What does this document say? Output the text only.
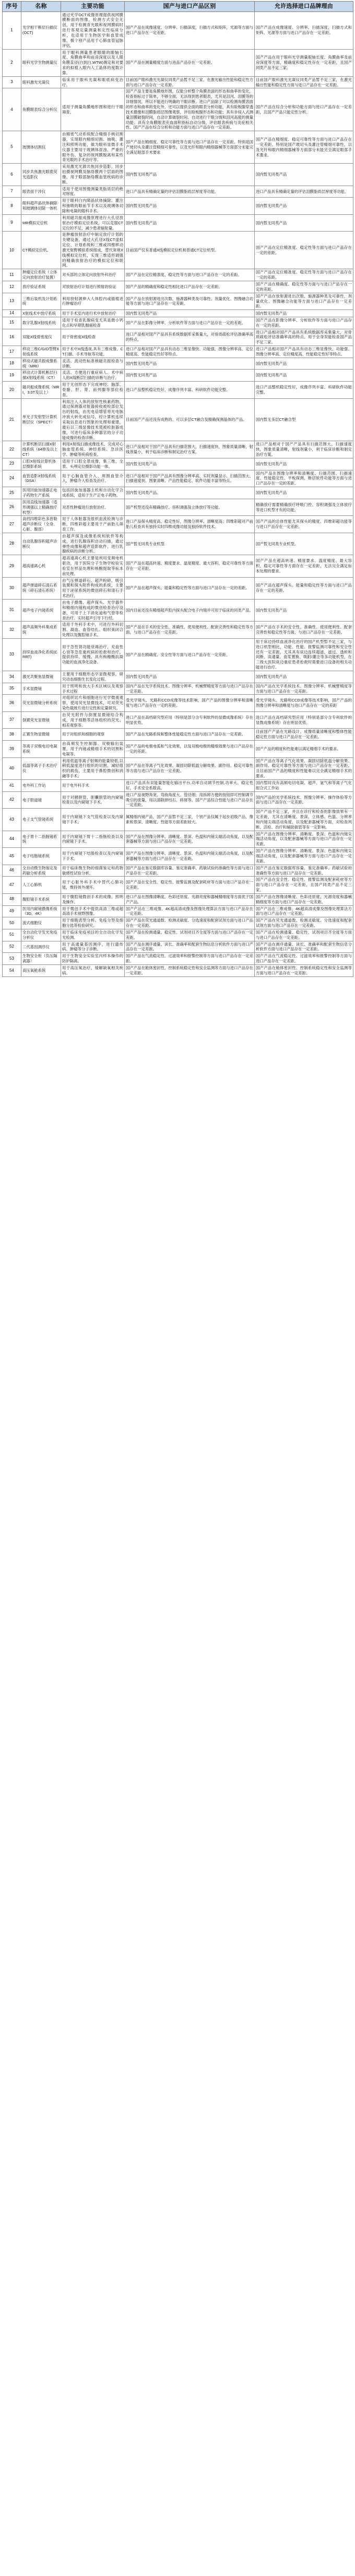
序号	名称	主要功能	国产与进口产品区别	允许选择进口品牌理由
1	光学相干断层扫描仪(OCT)	通过光学OCT成像原理提供视网膜横断面的图像，检测方式安全无创，用于检测青光眼和视网膜病时进行客观定量测量和定性临床分析，也适用于生物医学和血管成像。极个别产品用于心肺血管冠脉评估。	国产产品在成像速度、分辨率、扫描深度，扫描方式和矩阵，光源等方面与进口产品存在一定差距。	国产产品在成像速度、分辨率、扫描深度，扫描方式和矩阵，光源等方面与进口产品存在一定差距。
2	眼科光学生物测量仪	用于眼科测量患者眼睛的眼轴长度、角膜曲率和前房深度以及人眼角膜直径(白到白,WTW)测定和对要求的拟植入眼内人工晶体的度数计算。	国产产品在测量精度方面与进品产品存在一定差距。	国产产品在用于眼科光学测量眼轴长度、角膜曲率及前房深度等方面，精确度和稳定性存在一定差距，且国产同类产品不足三家。
3	眼科激光光凝仪	临床用于眼科光凝和眼底病变治疗。	目前国产眼科激光光凝仪同类产品暂不足三家，在激光输出性能和稳定性方面与进口产品存在一定差距。	目前国产眼科激光光凝仪同类产品暂不足三家，在激光输出性能和稳定性方面与进口产品存在一定差距。
4	角膜眼表综合分析仪	适用于测量角膜地形图和进行干眼筛查。	国产产品主要是角膜地形图，仅能分析整个角膜表面的形态和曲率的变化，检查指标过于简单，不够全面，无法得到患者眼表，尤其是泪河、泪膜等的详细情况，所以不能进行明确的干眼诊断。进口产品除了可以检测角膜表面的形态和曲率的变化外，还可以提供全面的眼表分析功能，具有睑板腺穿透技术摄像和泪膜脂质层图像观察，评估睑板腺形态和功能；具有非侵入式测量泪膜破裂时间，自动计算破裂时间、自动进行干眼分级和泪河高度的测量功能；具有全角膜眼表充血面积指标自动分级，评估眼表疾病与炎症相关性。国产产品在综合分析和功能方面与进口产品存在一定差距。	国产产品在综合分析和功能方面与进口产品存在一定差距，且国产产品只能定性分析。
5	玻璃体切割仪	由精密气动系统配合精细手柄切割器，实现眼内精细切割、抽吸、灌注和照明功能，做为眼科显微手术仪器主要用于玻璃体混浊、严重的眼外伤、复杂的视网膜脱离和某些青光眼的手术治疗等。	国产产品在精细度、稳定可靠性等方面与进口产品存在一定差距。特别是国产玻切头及灌注管精细可靠性，以及光纤和眼内精细器械等方面部分未能完全满足眼部手术要求	国产产品在精细度、稳定可靠性等方面与进口产品存在一定差距。特别是国产玻切头及灌注管精细可靠性，以及光纤和眼内精细器械等方面部分未能完全满足眼部手术要求。
6	同步共焦激光眼底荧光造影仪	采用激光光源共焦同步造影，同步拍摄视网膜及脉络膜两个层面的图像，用于眼部脉络膜血管疾病的诊断。	国内暂无同类产品	国内暂无同类产品
7	眼表面干涉仪	适用于使用图像测量类脂质层的绝对厚度。	进口产品具有精确定量的评估泪膜脂质层厚度等功能。	进口产品具有精确定量的评估泪膜脂质层厚度等功能。
8	眼科超声晶状体摘除和玻璃体切除一体机	用于眼科白内障晶状体摘除、灌注和抽吸的眼前节手术以及玻璃体切除和电凝的眼科手术。	国内暂无同类产品	国内暂无同类产品
9	MR模拟定位机	利用磁共振成像原理进行大孔径放射治疗模拟定位系统，可以克服CT定位的不足，减少患者辐射量。	国内暂无同类产品	国内暂无同类产品
10	CT模拟定位机。	是肿瘤放射治疗中制定放疗计划的关键设备，通过大孔径X线CT虚拟定位、计划系统和三维或四维移动激光射野模拟系统组成，替代常规X线模拟定位机，实现三维适形调强的精确放射治疗的模拟定位和联网。	目前国产仅有普通X线模拟定位机和普通CT定位机型。	国产产品在定位精准度、稳定性等方面与进口产品存在一定的差距。
11	肿瘤定位系统（立体定向放射治疗装置）	对头部的立体定向放射外科治疗	国产产品在定位精准度、稳定性等方面与进口产品存在一定的差距。	国产产品在定位精准度、稳定性等方面与进口产品存在一定的差距。
12	放疗验证系统	对放射治疗计划进行照射的验证	国产产品的精确度和稳定性相比进口产品存在一定差距。	国产产品在精确度、稳定性等方面与与进口产品存在一定的差距。
13	三维后装机及计划系统	利用放射源伸入人体腔内或插植进行肿瘤治疗	国产产品在放射源进出次数、施源器种类及可靠性、剂量优化、图像融合功能等方面与进口产品存在一定差距。	国产产品在放射源进出次数、施源器种类及可靠性、剂量优化、图像融合功能等方面与进口产品存在一定差距。
14	X射线术中放疗系统	用于手术室内进行术中放射治疗	国内暂无同类产品	国内暂无同类产品
15	数字乳腺X射线系统	适用于检查乳腺病变尤其是微小钙化点和早期乳腺癌检查	国产产品在影像分辨率、分析软件等方面与进口产品存在一定的差距。	国产产品在影像分辨率、分析软件等方面与进口产品存在一定的差距。
16	双能X线骨密度仪	用于骨密度X线检查	进口产品相对国产产品具有系统数据库采集量大，对骨质疏松评估准确率高的特点。	进口产品相对国产产品具有系统数据库采集量大，对骨质疏松评估准确率高的特点。用于全身双能检查国产品不足三家。
17	移动三维C/G/O型臂X射线系统	用于术中X线透视,具有三维成像、CT扫描、手术导航等功能。	进口产品相对国产产品具有动态三维显像快、功能强、图像分辨率高、定位精度高、性能稳定性好等特点。	进口产品相对国产产品具有动态三维显像快、功能强、图像分辨率高、定位精度高、性能稳定性好等特点。
18	移动式磁共振成像系统（MRI）	灵活、流动性标准核磁共振检查与诊断。	国内暂无同类产品	国内暂无同类产品
19	移动式计算机断层扫描X射线系统（CT）	灵活、方便进行重症病人、术中病人的X线断层扫描的诊断与治疗。	国内暂无同类产品	国内暂无同类产品
20	磁共振成像系统（MRI，3.0T及以上）	用于无创形态下完成神经、脑部、骨骼、肝、肾、前列腺等部位检查。	进口产品整机稳定性好，成像序列丰富、科研软件功能完整。	进口产品整机稳定性好，成像序列丰富、科研软件功能完整。
21	单光子发射型计算机断层仪（SPECT）	利用注入人体的放射性核素药物，通过探测器对脏器接收被检部位发出的射线，由光电倍增管将光电脉冲放大转化成信号，经计算机连续采取信息进行图象的处理和重建，最后以三级显像技术使被检脏器成像，可进行临床多种器官的分子功能成像的检查诊断。	目前国产产品还没有成熟的、可以多层CT融合及精确探测晶体的产品。	国内暂无多层CT融合型
22	计算机断层扫描X射线系统（64排及以上CT）	利用X射线扫描成像技术，完成对心脑血管系统、神经系统、急诊医学、肿瘤等疾病检查。	进口产品相对于国产产品具有扫描范围大，扫描速度快，图象质量清晰，射线剂量小，利于临床诊断和制定治疗方案。	进口产品相对于国产产品具有扫描范围大，扫描速度快，图象质量清晰，射线剂量小，利于临床诊断和制定治疗方案。
23	口腔X射线计算机体层摄影系统	适用于口腔全景成像，集三维、全景、头颅定位摄影功能一体。	国内暂无同类产品	国内暂无同类产品
24	血管造影X射线系统（DSA）	用于心脑血管介入、周围血管介入，肿瘤介入检查及治疗。	进口产品相对于国产产品具有图像分辨率高、实时剂量显示、扫描范围大、扫描速度快、图象清晰、产品性能稳定、软件功能丰富等特点。	国内产品在图像分辨率和清晰度、扫描范围、扫描速度、性能稳定性、平板探测、断层软件功能等方面与进口产品存在一定的差距。
25	医用回旋加速器正电子药物生产系统	包括回旋加速器主机和自动化学合成系统，适用于生产正电子药物。	国内暂无同类产品。	国内暂无同类产品
26	医用直线加速器（适形调强以上精确放疗机型）	对恶性肿瘤进行放射治疗。	国产机型还没有精确放疗、容积调强及立体放疗等功能。	精确放疗需要精确放疗呼吸门控、容积调强及立体放疗等进口机型才有的功能。
27	高档四维彩色多普勒超声诊断仪（全身、心脏、腹部）	用于人体脏器及组织血流检测与诊断，四维彩超主要用于产前胎儿筛查工作。	进口产品探头精度高、稳定性好，图像分辨率、清晰度高；四维彩超对产前胎儿检查具有独持实时四维成像功能及独持软件技术。	国产产品的总体性能尤其探头的精度、四维彩超功能等与进口产品存在一定差距。
28	自动乳腺容积超声诊断仪	由超声探及成像系统和软件等构成，进行乳腺容积自动扫描，通过弹性成像和超声造影软件，进行乳腺疾病的诊断分析。	国产暂无同类专业机型	国产暂无同类专业机型。
29	超高速离心机	超高速离心机主要是利用变频电机驱动，用于医院分子生物学检验实验室在样品处理和核酸提取等标本前处理。	国产产品在超高转速、精度要求、温度精度、最大容积、稳定可靠性等方面存在一定差距。	国产产品在超高转速、精度要求、温度精度、最大容积、稳定可靠性等方面存在一定差距，无法完全满足标本处理的要求。
30	超声弹道碎石清石系统（碎石清石系统）	由气压弹道碎石、超声粉碎、吸引装置和探头附件构成的系统，主要用于泌尿系统的微创碎石和清石手术治疗。	国产产品在超声探头、能量和稳定性等方面与进口产品存在一定的差距。	国产产品在超声探头、能量和稳定性等方面与进口产品存在一定的差距。
31	超声电子内镜系统	由电子摄像、超声探头、光学器件和精细内镜构成的微创检查治疗设备，可用于上下消化道和气管等检查治疗。实时超声引导下行经。	国内目前还没有精细超声腔内探头配合电子内镜并可用于临床的同类产品。	国内暂无同类产品
32	超声高频外科集成系统	适用于外科手术中，可进行外科切割、凝血、血管结扎、组织束闭合处理以及腹腔镜手术。	国产产品在手术的安全性、准确性、使用便利性、配套完善性和稳定性等方面，与进口产品存在一定差距。	国产产品在手术的安全性、准确性、使用便利性、配套完善性和稳定性等方面，与进口产品存在一定差距。
33	持续血液净化系统(CRRT)	用于急性肾功能衰竭治疗，充血性心衰等急危重疾病的抢救和治疗。提供持续、缓慢、具有枸橼酸抗凝功能的血液净化设备。	国产产品在精确度、安全性等方面与进口产品存在一定差距。	用于床边持续血液净化治疗的国产机型暂不足三家，与进口机型相比，功能、性能、报警监测可靠性和安全性还有一定差距，尤其具有床边连续超滤、滤过、透析和间断、高通量、血浆置换、吸附/灌注等多功能机型，在三级大医院床边重症患者抢救时需要进口设备的相关功能进行治疗。
34	激光共聚焦显微镜	主要用于细胞形态学显微观察，研究动态细胞生长变化过程。	国内暂无同类产品	国内暂无同类产品
35	手术显微镜	用于照明和放大手术区域以及观察手术过程	国内产品在光学系统技术、图像分辨率、机械臂精度等方面与进口产品存在一定差距。	国内产品在光学系统技术、图像分辨率、机械臂精度等方面与进口产品存在一定差距。
36	荧光显微镜分析系统	对组织切片和细胞进行光学微观观察，使用荧光显微技术，可对荧光染色载玻片进行定性和定量研究。	受光学镜头、光路和CCD成像等技术影响，国产产品的图像分辨率和清晰度与进口产品存在一定的差距。	受光学镜头、光路和CCD成像等技术影响，国产产品的图像分辨率和清晰度与进口产品存在一定的差距
37	倒置荧光显微镜	由荧光附件与倒置显微镜结合构成，用于细胞等活体组织的荧光、相差观察等。	进口产品在高档研究型应用（特别是部分含专利软件的显微成像系统）存在明显优势。	进口产品在高档研究型应用（特别是部分含专利软件的显微成像系统）存在明显优势。
38	正置生物显微镜	用于对组织和细胞的观察	国产产品在光路系统和整体性能稳定性方面与进口产品存在一定差距。	目前国产产品在光路设计、成像质量清晰度和整体性能稳定性方面与进口产品存在一定差距。
39	等离子双极电切电凝系统	由高频发生控制器、双极输出装置，用于内镜或精细手术的切割和电凝等。	国产产品的电极电弧和气化效果，以及双极电极的精细效果与进口产品存在一定的差距。	国产产品的精度和性能难以满足精细手术的要求。
40	低温等离子手术治疗仪	利用低温等离子射频的能量较低,以稍低温度进行组织的切割，减轻组织的损伤，主要用于鼻腔微创和消融等手术。	国产产品在等离子气化效果、凝固切除低温分解效果、副作用、稳定可靠性等方面与进口产品存在一定差距。	国产产品在等离子气化效果、凝固切除低温分解效果、副作用、稳定可靠性等方面与进口产品存在一定差距。且目前国产产品的精度和性能难以完全满足精细手术的要求。
41	电外科工作站	用于电外科手术	进口产品具有双能量智能化输出平台,功率自动调节控制,功率大、稳定性好，手术安全系数高。	国内暂时没有高频电切电凝、超声、氩气和等离子气化组合式工作站
42	电子胆道镜	用于对胰胆管、胆囊胆管的内窥镜检查以及内窥镜下手术。	进口产品视野角宽、弯曲角度大、管径细；用拆卸方便的按钮即可控制调节吸引的流量，用以清除掉结石、碎屑等。国产产品综合性能与进口产品存在一定差距。	国内产品的光学系统技术、图像分辨率、操作体验等方面与进口产品存在一定差距。
43	电子支气管镜系统	用于内窥镜下支气管检查以及内窥镜下手术。	属精细内镜产品，国产产品暂不足三家，个别产品仅属于起步初级产品，像素和景深、清晰度、性能等方面差距较大。	国产产品不足三家，并且在诊疗和检查的影像效果有一定差距，尤其在清晰度、景深、立体感、色温、分辨率和内镜尖端活动角度，以及配套器械等方面，对检查判断、活检、治疗和辅助插管等有一定影响。
44	电子胃十二指肠镜系统	用于内窥镜下胃十二指肠检查以及内窥镜下手术。	国产产品在图像分辨率、清晰度、景深、色温和内镜尖端活动角度，以及配套器械等方面与进口产品存在一定差距。	国产产品在图像分辨率、清晰度、景深、色温和内镜尖端活动角度，以及配套器械等方面与进口产品存在一定差距。
45	电子结肠镜系统	用于内窥镜下结肠检查以及内窥镜下手术。	国产产品在图像分辨率、清晰度、景深、色温和内镜尖端活动角度，以及配套器械等方面与进口产品存在一定差距。	国产产品在图像分辨率、清晰度、景深、色温和内镜尖端活动角度，以及配套器械等方面与进口产品存在一定差距。
46	全自动微生物鉴定及药敏分析系统	用于临床微生物的细菌鉴定和药物敏感性试验分析。	国产产品在鉴定数据库容量、鉴定准确率、药敏试验的准确性等方面与进口产品存在一定差距。	国产产品在鉴定数据库容量、鉴定准确率、药敏试验的准确性等方面与进口产品存在一定差距。
47	人工心肺机	用于心脏外科手术中替代心肺功能，维持体外循环。	国产产品在安全性、稳定性、报警监测及配套耗材等方面与进口产品存在一定差距。	国产产品在安全性、稳定性、报警监测及配套耗材等方面与进口产品存在一定差距，且国产同类产品不足三家。
48	腹腔镜手术系统	用于腹腔镜微创手术的成像、照明及操作。	进口产品在图像清晰度、色彩还原度、光源亮度和器械精细度等方面优于国产产品。	国产产品在图像清晰度、色彩还原度、光源亮度和器械精细度等方面与进口产品存在一定差距。
49	医用内窥镜摄像系统（3D、4K）	用于微创手术中提供高清三维或超高清手术视野图像。	国产产品在三维成像、4K超高清成像及图像处理算法方面与进口产品存在一定差距。	国产产品在三维成像、4K超高清成像及图像处理算法方面与进口产品存在一定差距。
50	流式细胞仪	用于细胞表型分析、免疫分型及细胞分选等检验研究。	国产产品在荧光通道数、检测灵敏度、分选速度和配套试剂方面与进口产品存在一定差距。	国产产品在荧光通道数、检测灵敏度、分选速度和配套试剂方面与进口产品存在一定差距。
51	全自动化学发光免疫分析仪	用于临床免疫项目的全自动化学发光检测。	国产产品在检测通量、稳定性、试剂项目齐全度等方面与进口产品存在一定差距。	国产产品在检测通量、稳定性、试剂项目齐全度等方面与进口产品存在一定差距。
52	二代基因测序仪	用于高通量基因测序，进行遗传病、肿瘤等分子诊断。	国产产品在测序通量、读长、准确率和配套生物信息分析软件方面与进口产品存在一定差距。	国产产品在测序通量、读长、准确率和配套生物信息分析软件方面与进口产品存在一定差距。
53	生物安全柜（负压隔离器）	用于生物安全实验室内样本操作的防护隔离。	国产产品在气流稳定性、过滤效率和报警控制等方面与进口产品存在一定差距。	国产产品在气流稳定性、过滤效率和报警控制等方面与进口产品存在一定差距。
54	高压氧舱系统	用于高压氧治疗，缓解缺氧相关疾病。	国产产品在舱体密封性、控制系统稳定性和安全监测等方面与进口产品存在一定差距。	国产产品在舱体密封性、控制系统稳定性和安全监测等方面与进口产品存在一定差距。
